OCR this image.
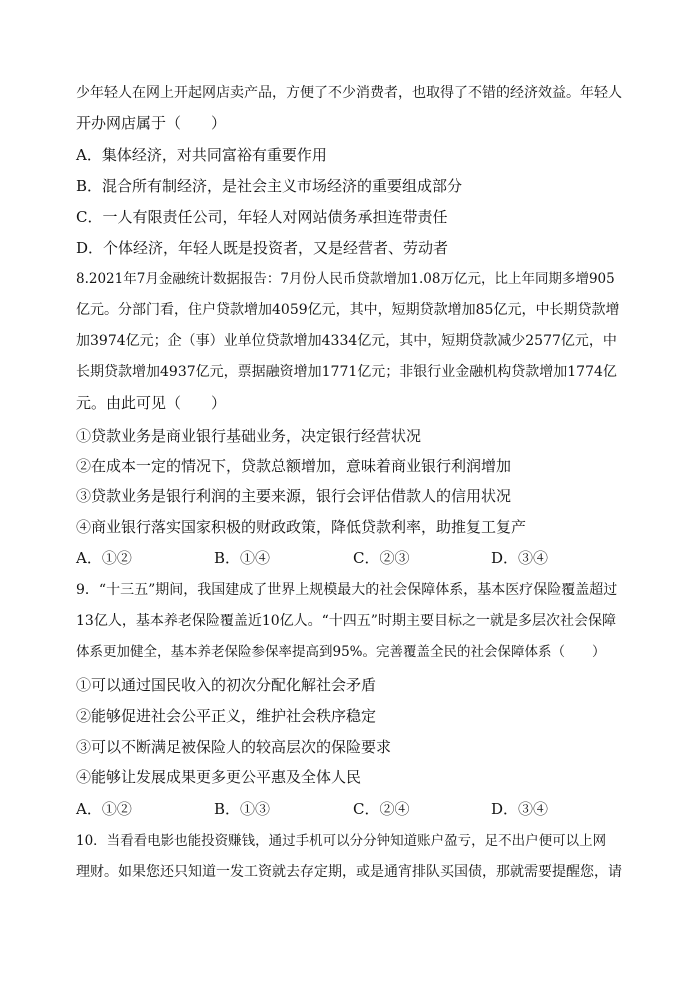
少年轻人在网上开起网店卖产品，方便了不少消费者，也取得了不错的经济效益。年轻人
开办网店属于（　　）
A．集体经济，对共同富裕有重要作用
B．混合所有制经济，是社会主义市场经济的重要组成部分
C．一人有限责任公司，年轻人对网站债务承担连带责任
D．个体经济，年轻人既是投资者，又是经营者、劳动者
8.2021年7月金融统计数据报告：7月份人民币贷款增加1.08万亿元，比上年同期多增905
亿元。分部门看，住户贷款增加4059亿元，其中，短期贷款增加85亿元，中长期贷款增
加3974亿元；企（事）业单位贷款增加4334亿元，其中，短期贷款减少2577亿元，中
长期贷款增加4937亿元，票据融资增加1771亿元；非银行业金融机构贷款增加1774亿
元。由此可见（　　）
①贷款业务是商业银行基础业务，决定银行经营状况
②在成本一定的情况下，贷款总额增加，意味着商业银行利润增加
③贷款业务是银行利润的主要来源，银行会评估借款人的信用状况
④商业银行落实国家积极的财政政策，降低贷款利率，助推复工复产
A．①②	B．①④	C．②③	D．③④
9．“十三五”期间，我国建成了世界上规模最大的社会保障体系，基本医疗保险覆盖超过
13亿人，基本养老保险覆盖近10亿人。“十四五”时期主要目标之一就是多层次社会保障
体系更加健全，基本养老保险参保率提高到95%。完善覆盖全民的社会保障体系（　　）
①可以通过国民收入的初次分配化解社会矛盾
②能够促进社会公平正义，维护社会秩序稳定
③可以不断满足被保险人的较高层次的保险要求
④能够让发展成果更多更公平惠及全体人民
A．①②	B．①③	C．②④	D．③④
10．当看看电影也能投资赚钱，通过手机可以分分钟知道账户盈亏，足不出户便可以上网
理财。如果您还只知道一发工资就去存定期，或是通宵排队买国债，那就需要提醒您，请
